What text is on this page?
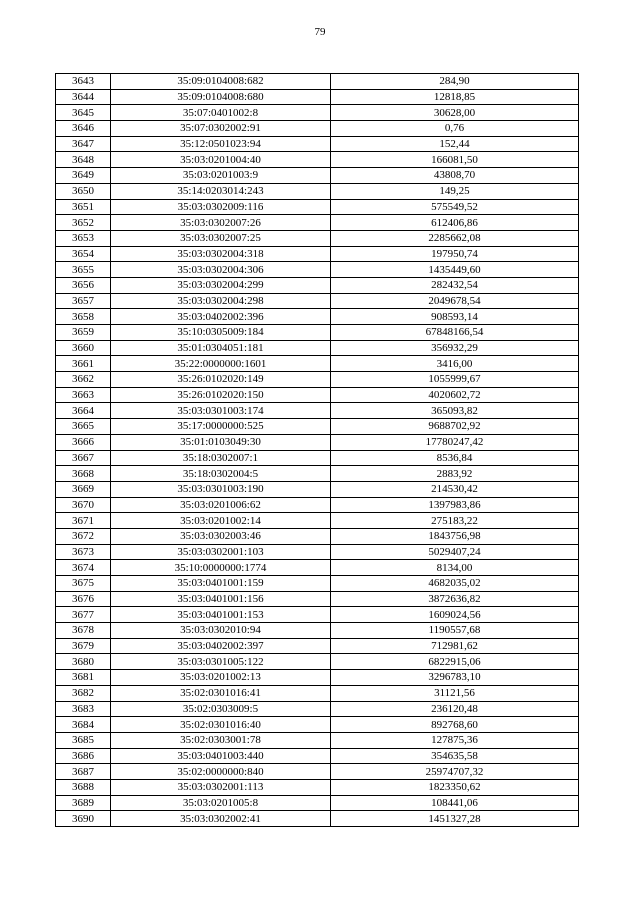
79
3643	35:09:0104008:682	284,90
3644	35:09:0104008:680	12818,85
3645	35:07:0401002:8	30628,00
3646	35:07:0302002:91	0,76
3647	35:12:0501023:94	152,44
3648	35:03:0201004:40	166081,50
3649	35:03:0201003:9	43808,70
3650	35:14:0203014:243	149,25
3651	35:03:0302009:116	575549,52
3652	35:03:0302007:26	612406,86
3653	35:03:0302007:25	2285662,08
3654	35:03:0302004:318	197950,74
3655	35:03:0302004:306	1435449,60
3656	35:03:0302004:299	282432,54
3657	35:03:0302004:298	2049678,54
3658	35:03:0402002:396	908593,14
3659	35:10:0305009:184	67848166,54
3660	35:01:0304051:181	356932,29
3661	35:22:0000000:1601	3416,00
3662	35:26:0102020:149	1055999,67
3663	35:26:0102020:150	4020602,72
3664	35:03:0301003:174	365093,82
3665	35:17:0000000:525	9688702,92
3666	35:01:0103049:30	17780247,42
3667	35:18:0302007:1	8536,84
3668	35:18:0302004:5	2883,92
3669	35:03:0301003:190	214530,42
3670	35:03:0201006:62	1397983,86
3671	35:03:0201002:14	275183,22
3672	35:03:0302003:46	1843756,98
3673	35:03:0302001:103	5029407,24
3674	35:10:0000000:1774	8134,00
3675	35:03:0401001:159	4682035,02
3676	35:03:0401001:156	3872636,82
3677	35:03:0401001:153	1609024,56
3678	35:03:0302010:94	1190557,68
3679	35:03:0402002:397	712981,62
3680	35:03:0301005:122	6822915,06
3681	35:03:0201002:13	3296783,10
3682	35:02:0301016:41	31121,56
3683	35:02:0303009:5	236120,48
3684	35:02:0301016:40	892768,60
3685	35:02:0303001:78	127875,36
3686	35:03:0401003:440	354635,58
3687	35:02:0000000:840	25974707,32
3688	35:03:0302001:113	1823350,62
3689	35:03:0201005:8	108441,06
3690	35:03:0302002:41	1451327,28
